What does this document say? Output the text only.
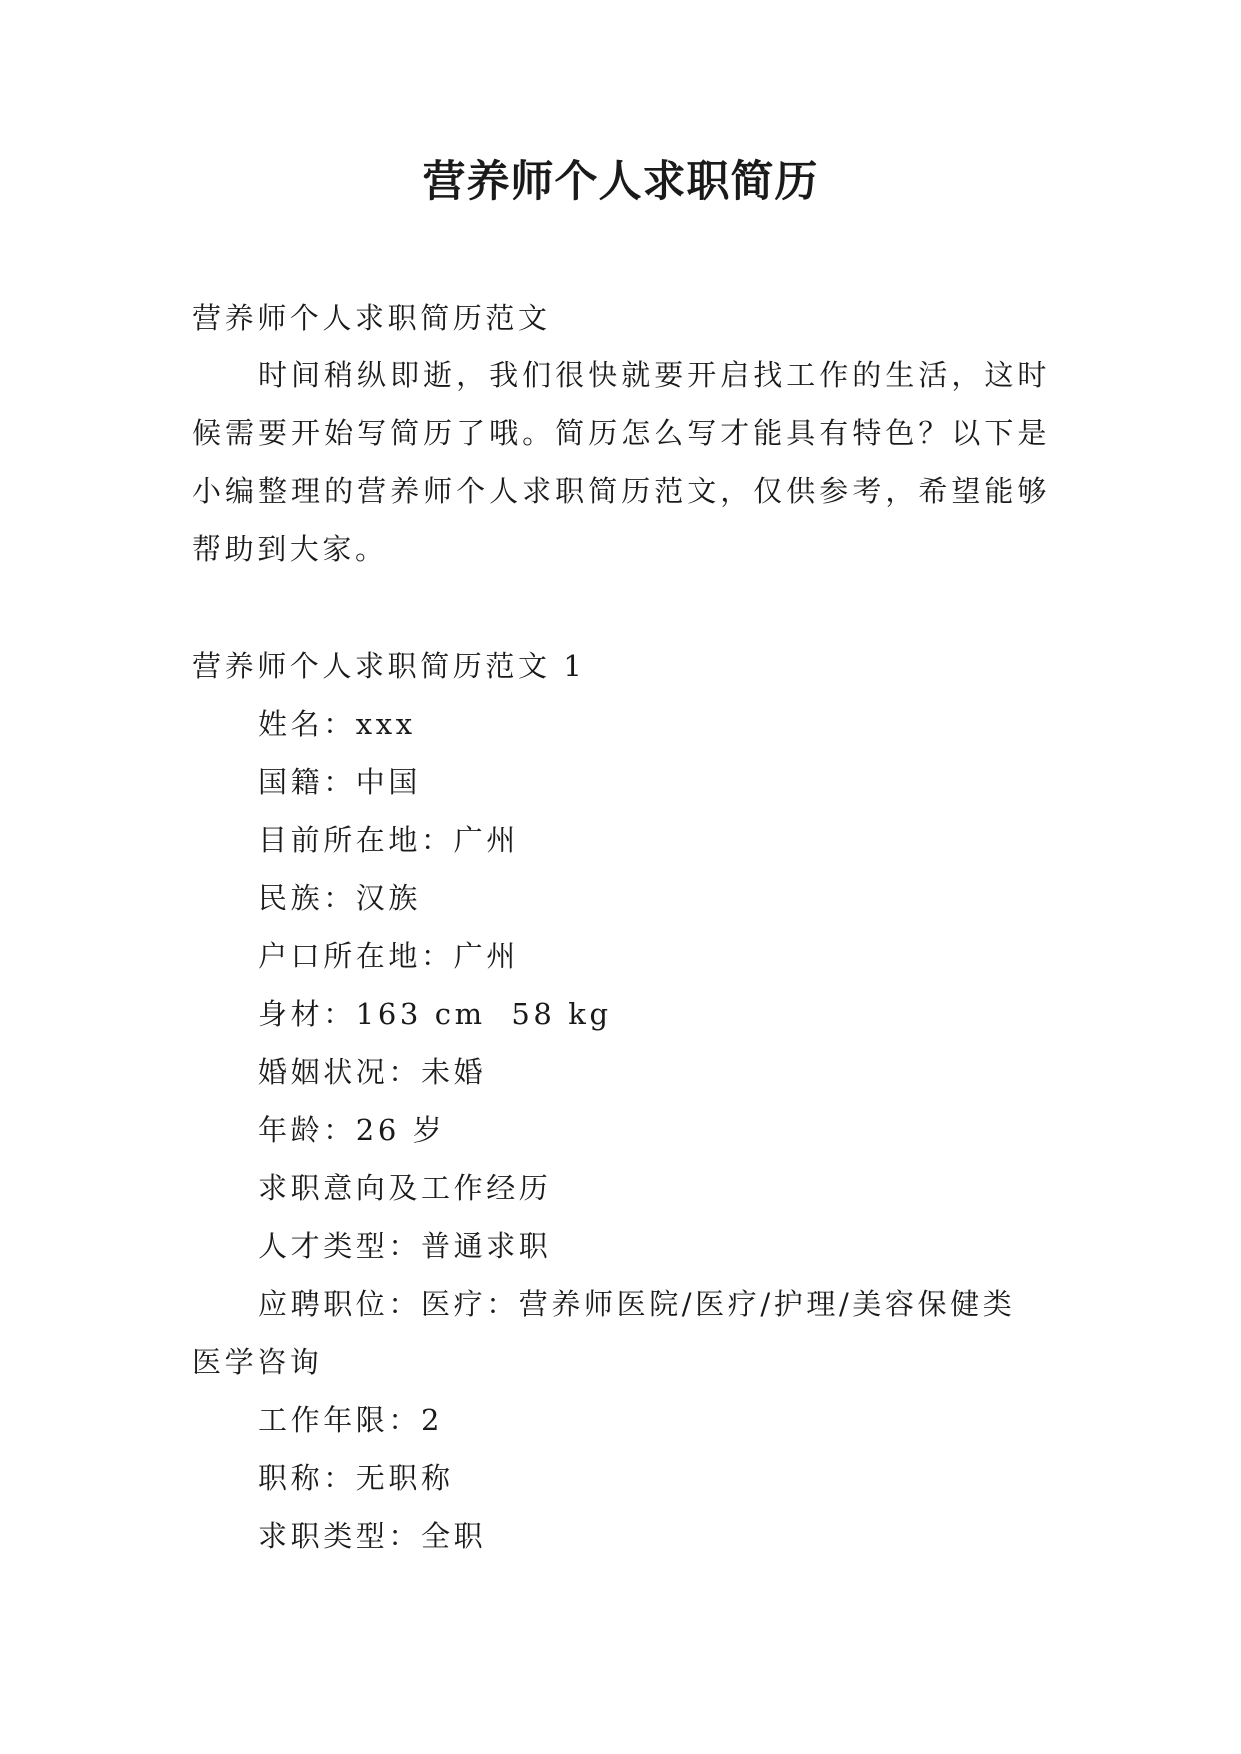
营养师个人求职简历
营养师个人求职简历范文
时间稍纵即逝，我们很快就要开启找工作的生活，这时候需要开始写简历了哦。简历怎么写才能具有特色？以下是小编整理的营养师个人求职简历范文，仅供参考，希望能够帮助到大家。
营养师个人求职简历范文 1
姓名：xxx
国籍：中国
目前所在地：广州
民族：汉族
户口所在地：广州
身材：163 cm  58 kg
婚姻状况：未婚
年龄：26 岁
求职意向及工作经历
人才类型：普通求职
应聘职位：医疗：营养师医院/医疗/护理/美容保健类
医学咨询
工作年限：2
职称：无职称
求职类型：全职
